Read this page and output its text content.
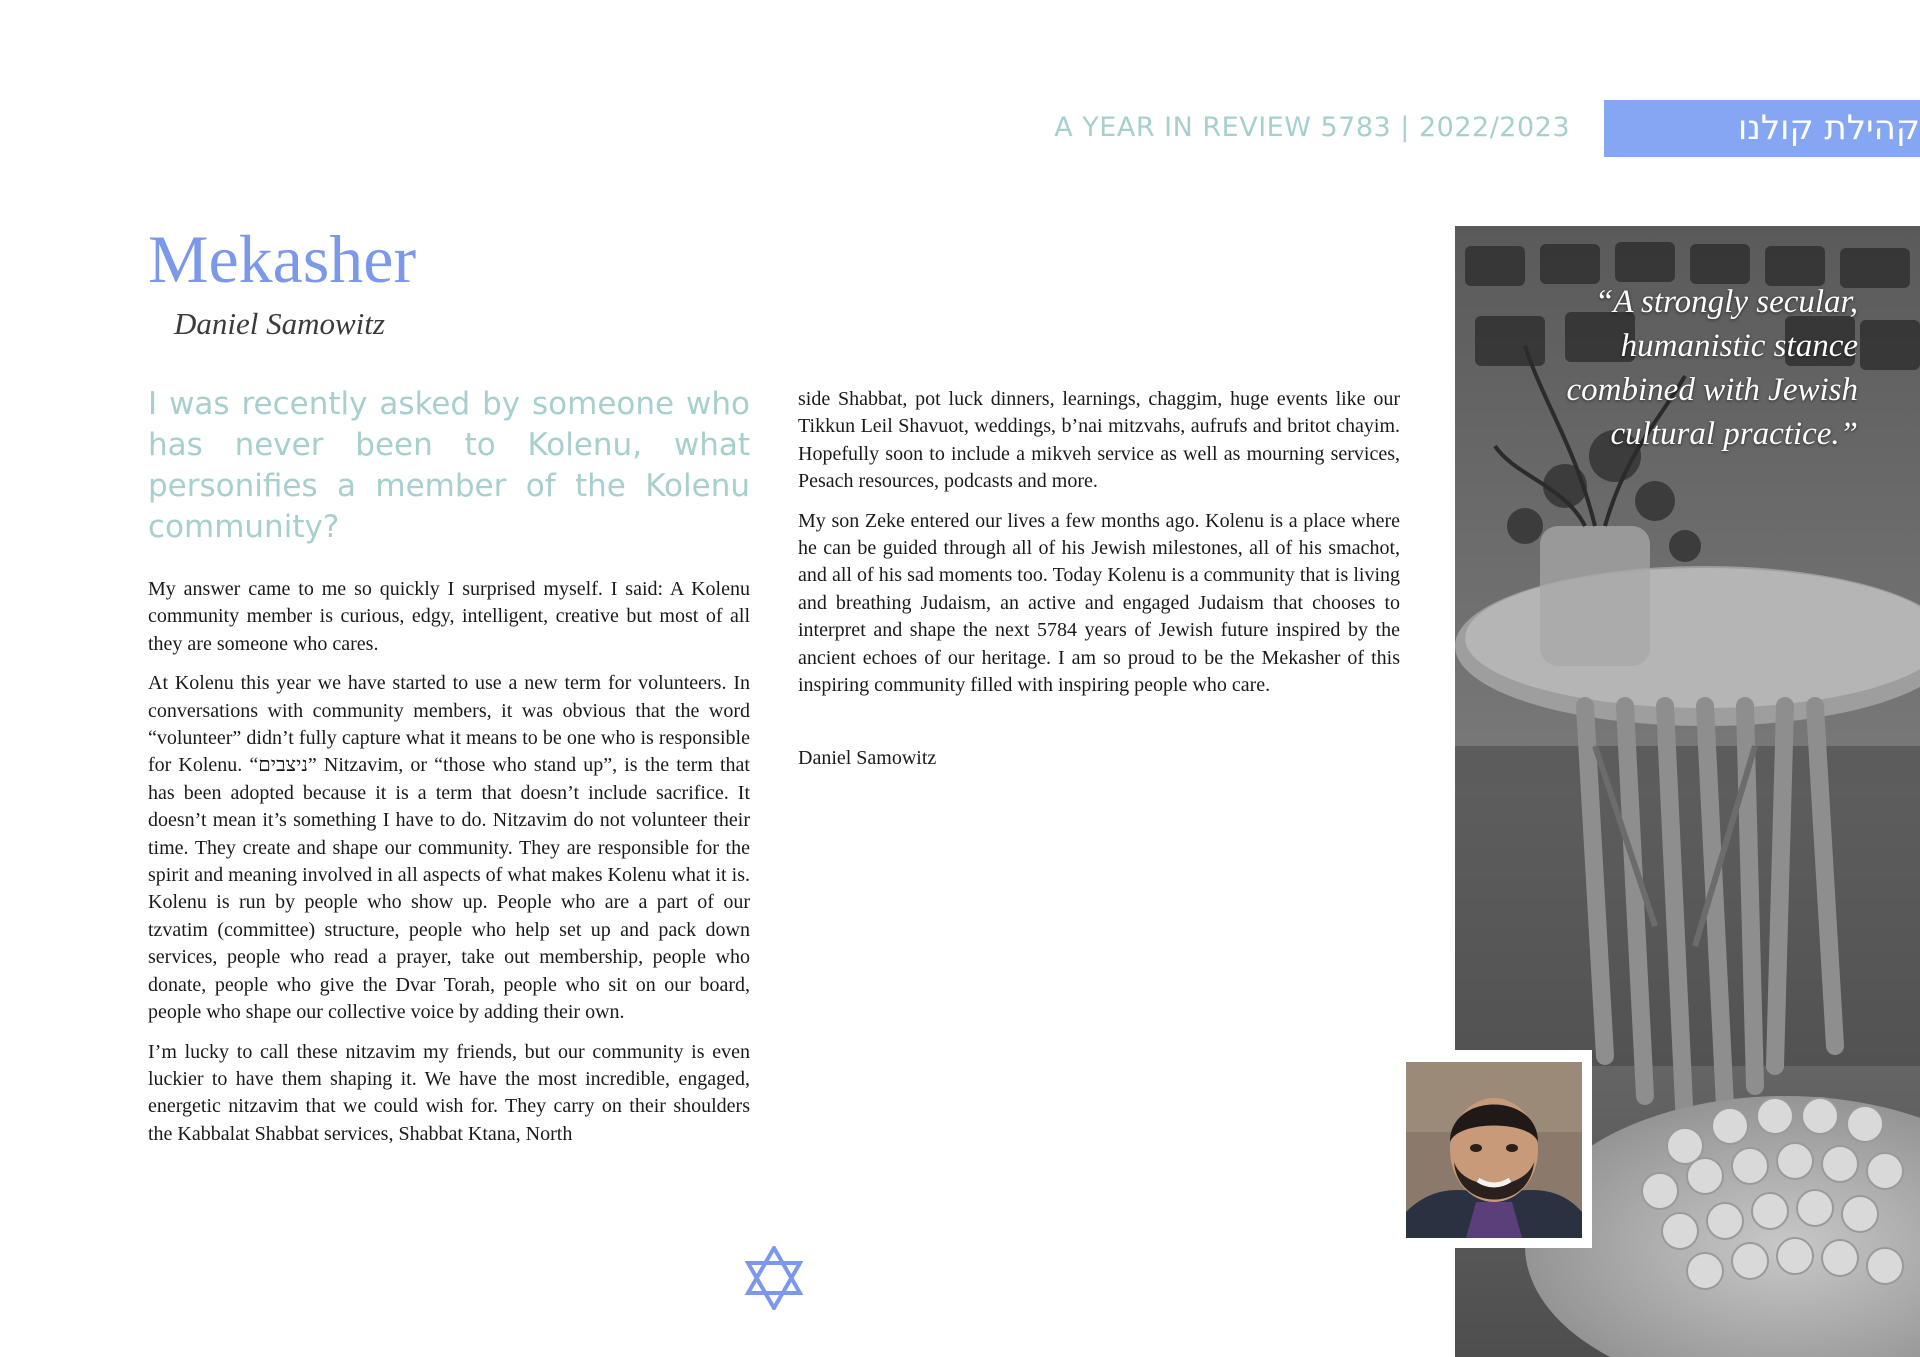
A YEAR IN REVIEW 5783 | 2022/2023	קהילת קולנו
Mekasher
Daniel Samowitz
I was recently asked by someone who has never been to Kolenu, what personifies a member of the Kolenu community?

My answer came to me so quickly I surprised myself. I said: A Kolenu community member is curious, edgy, intelligent, creative but most of all they are someone who cares.

At Kolenu this year we have started to use a new term for volunteers. In conversations with community members, it was obvious that the word “volunteer” didn’t fully capture what it means to be one who is responsible for Kolenu. “ניצבים” Nitzavim, or “those who stand up”, is the term that has been adopted because it is a term that doesn’t include sacrifice. It doesn’t mean it’s something I have to do. Nitzavim do not volunteer their time. They create and shape our community. They are responsible for the spirit and meaning involved in all aspects of what makes Kolenu what it is. Kolenu is run by people who show up. People who are a part of our tzvatim (committee) structure, people who help set up and pack down services, people who read a prayer, take out membership, people who donate, people who give the Dvar Torah, people who sit on our board, people who shape our collective voice by adding their own.

I’m lucky to call these nitzavim my friends, but our community is even luckier to have them shaping it. We have the most incredible, engaged, energetic nitzavim that we could wish for. They carry on their shoulders the Kabbalat Shabbat services, Shabbat Ktana, North

side Shabbat, pot luck dinners, learnings, chaggim, huge events like our Tikkun Leil Shavuot, weddings, b’nai mitzvahs, aufrufs and britot chayim. Hopefully soon to include a mikveh service as well as mourning services, Pesach resources, podcasts and more.

My son Zeke entered our lives a few months ago. Kolenu is a place where he can be guided through all of his Jewish milestones, all of his smachot, and all of his sad moments too. Today Kolenu is a community that is living and breathing Judaism, an active and engaged Judaism that chooses to interpret and shape the next 5784 years of Jewish future inspired by the ancient echoes of our heritage. I am so proud to be the Mekasher of this inspiring community filled with inspiring people who care.

Daniel Samowitz

“A strongly secular, humanistic stance combined with Jewish cultural practice.”
